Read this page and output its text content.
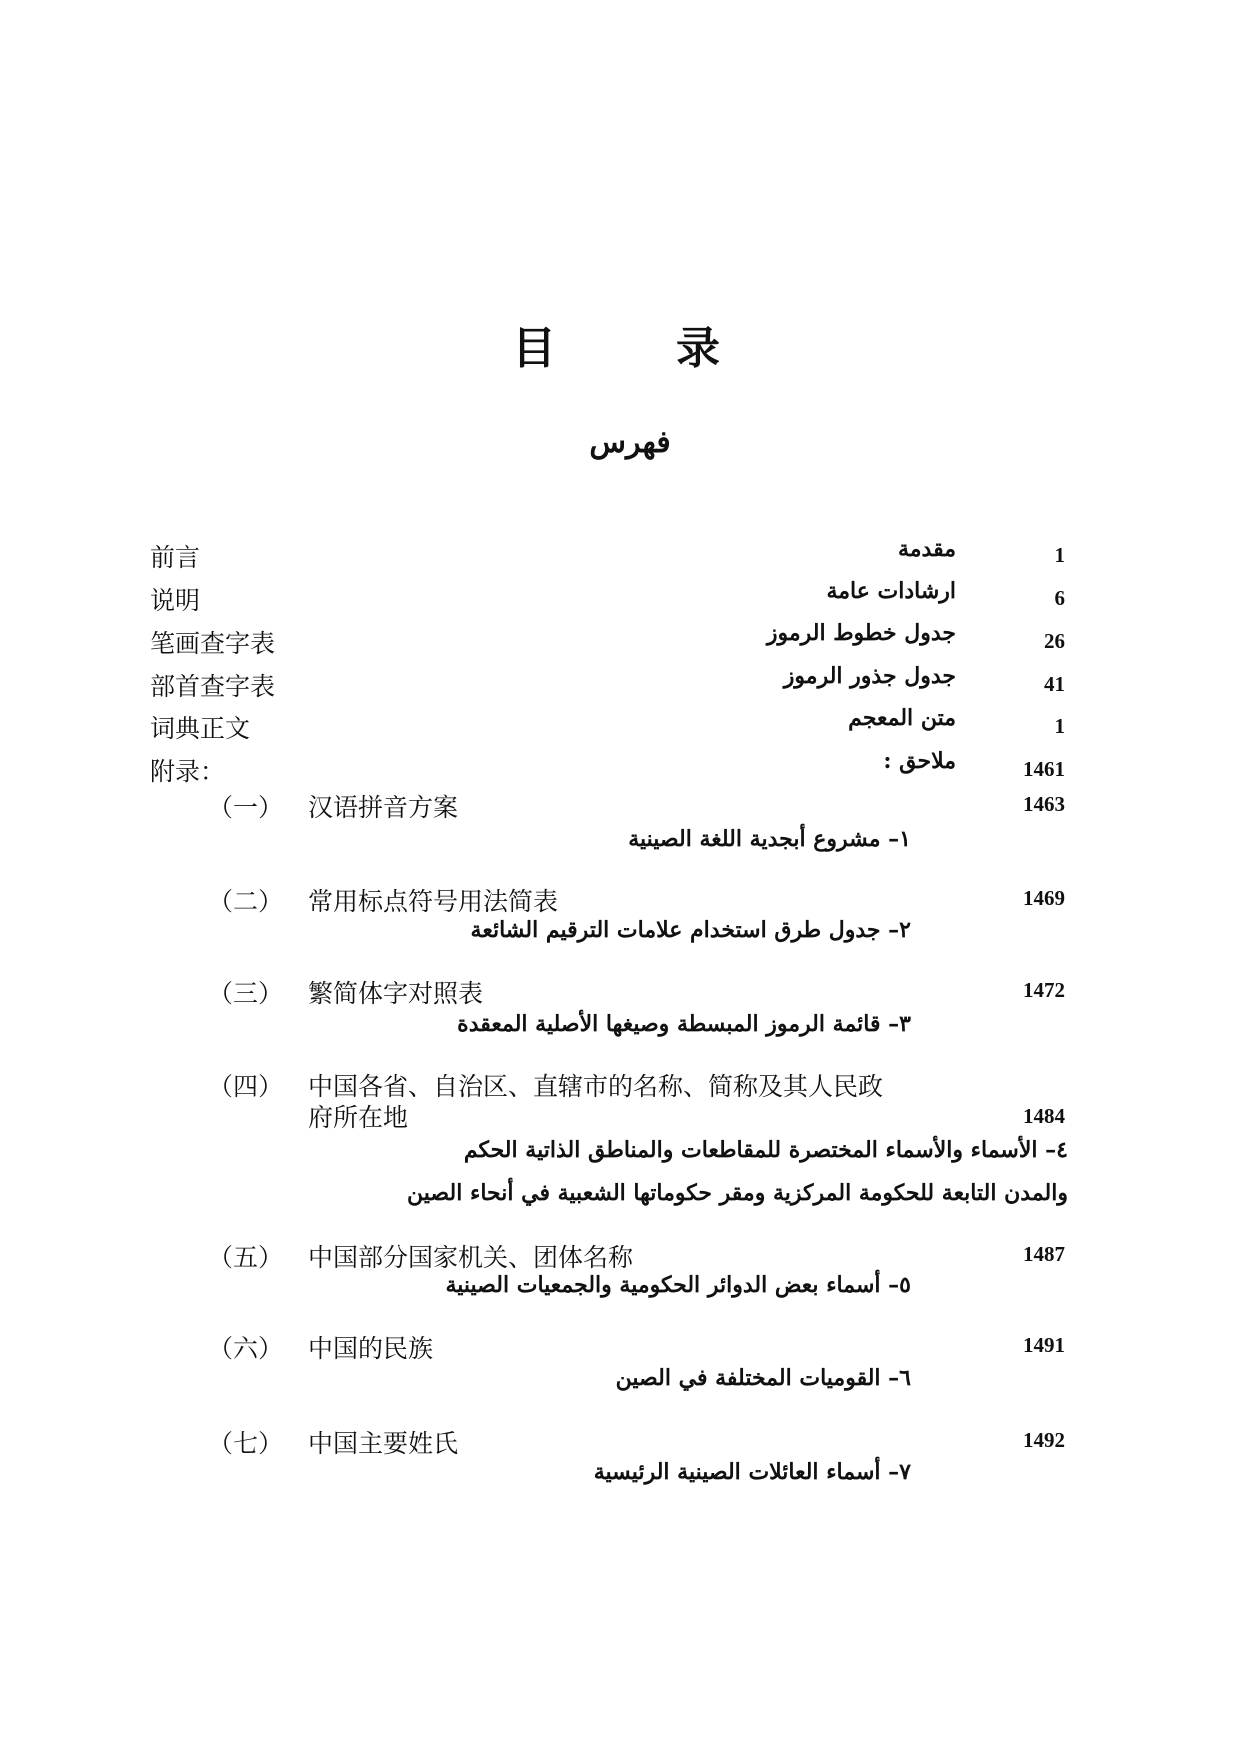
目	录
فهرس
前言	مقدمة	1
说明	ارشادات عامة	6
笔画查字表	جدول خطوط الرموز	26
部首查字表	جدول جذور الرموز	41
词典正文	متن المعجم	1
附录：	ملاحق :	1461
（一） 汉语拼音方案	1463
١– مشروع أبجدية اللغة الصينية
（二） 常用标点符号用法简表	1469
٢– جدول طرق استخدام علامات الترقيم الشائعة
（三） 繁简体字对照表	1472
٣– قائمة الرموز المبسطة وصيغها الأصلية المعقدة
（四） 中国各省、自治区、直辖市的名称、简称及其人民政
府所在地	1484
٤– الأسماء والأسماء المختصرة للمقاطعات والمناطق الذاتية الحكم
والمدن التابعة للحكومة المركزية ومقر حكوماتها الشعبية في أنحاء الصين
（五） 中国部分国家机关、团体名称	1487
٥– أسماء بعض الدوائر الحكومية والجمعيات الصينية
（六） 中国的民族	1491
٦– القوميات المختلفة في الصين
（七） 中国主要姓氏	1492
٧– أسماء العائلات الصينية الرئيسية
